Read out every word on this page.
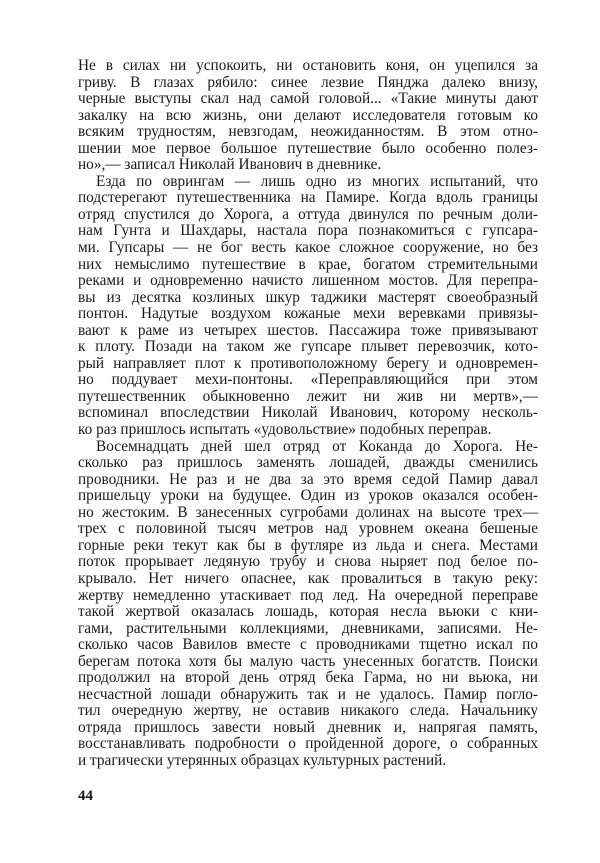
Не в силах ни успокоить, ни остановить коня, он уцепился за
гриву. В глазах рябило: синее лезвие Пянджа далеко внизу,
черные выступы скал над самой головой... «Такие минуты дают
закалку на всю жизнь, они делают исследователя готовым ко
всяким трудностям, невзгодам, неожиданностям. В этом отно-
шении мое первое большое путешествие было особенно полез-
но»,— записал Николай Иванович в дневнике.
Езда по оврингам — лишь одно из многих испытаний, что
подстерегают путешественника на Памире. Когда вдоль границы
отряд спустился до Хорога, а оттуда двинулся по речным доли-
нам Гунта и Шахдары, настала пора познакомиться с гупсара-
ми. Гупсары — не бог весть какое сложное сооружение, но без
них немыслимо путешествие в крае, богатом стремительными
реками и одновременно начисто лишенном мостов. Для перепра-
вы из десятка козлиных шкур таджики мастерят своеобразный
понтон. Надутые воздухом кожаные мехи веревками привязы-
вают к раме из четырех шестов. Пассажира тоже привязывают
к плоту. Позади на таком же гупсаре плывет перевозчик, кото-
рый направляет плот к противоположному берегу и одновремен-
но поддувает мехи-понтоны. «Переправляющийся при этом
путешественник обыкновенно лежит ни жив ни мертв»,—
вспоминал впоследствии Николай Иванович, которому несколь-
ко раз пришлось испытать «удовольствие» подобных переправ.
Восемнадцать дней шел отряд от Коканда до Хорога. Не-
сколько раз пришлось заменять лошадей, дважды сменились
проводники. Не раз и не два за это время седой Памир давал
пришельцу уроки на будущее. Один из уроков оказался особен-
но жестоким. В занесенных сугробами долинах на высоте трех—
трех с половиной тысяч метров над уровнем океана бешеные
горные реки текут как бы в футляре из льда и снега. Местами
поток прорывает ледяную трубу и снова ныряет под белое по-
крывало. Нет ничего опаснее, как провалиться в такую реку:
жертву немедленно утаскивает под лед. На очередной переправе
такой жертвой оказалась лошадь, которая несла вьюки с кни-
гами, растительными коллекциями, дневниками, записями. Не-
сколько часов Вавилов вместе с проводниками тщетно искал по
берегам потока хотя бы малую часть унесенных богатств. Поиски
продолжил на второй день отряд бека Гарма, но ни вьюка, ни
несчастной лошади обнаружить так и не удалось. Памир погло-
тил очередную жертву, не оставив никакого следа. Начальнику
отряда пришлось завести новый дневник и, напрягая память,
восстанавливать подробности о пройденной дороге, о собранных
и трагически утерянных образцах культурных растений.
44
